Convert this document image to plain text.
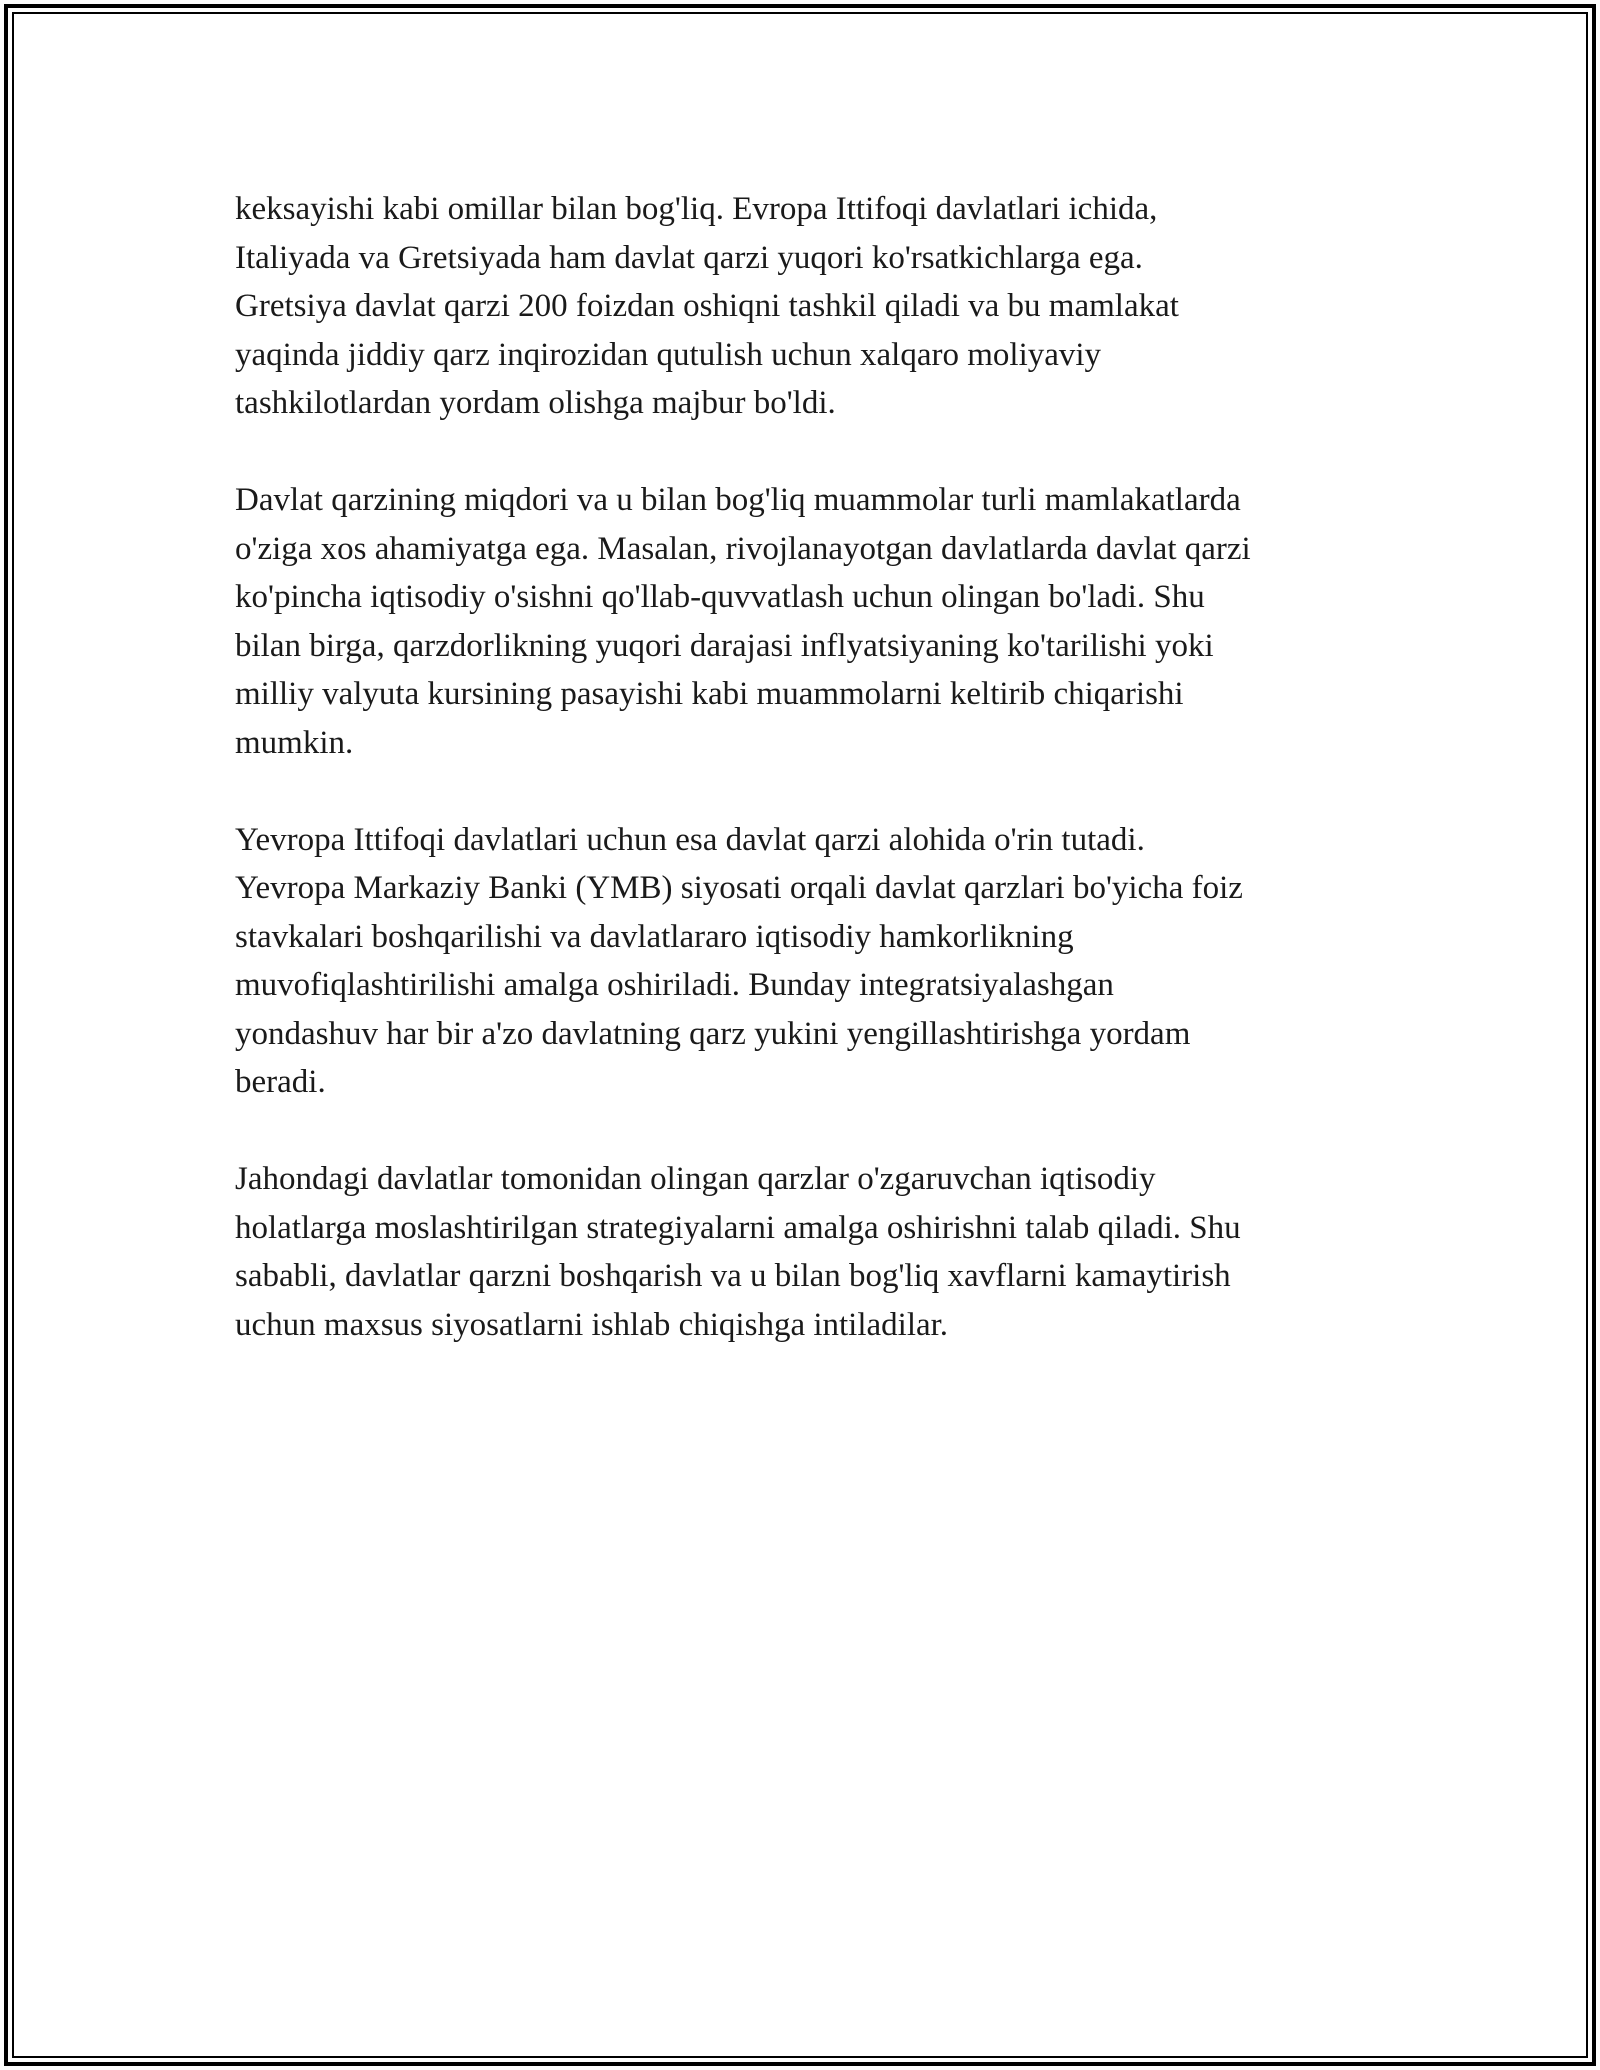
keksayishi kabi omillar bilan bog'liq. Evropa Ittifoqi davlatlari ichida,
Italiyada va Gretsiyada ham davlat qarzi yuqori ko'rsatkichlarga ega.
Gretsiya davlat qarzi 200 foizdan oshiqni tashkil qiladi va bu mamlakat
yaqinda jiddiy qarz inqirozidan qutulish uchun xalqaro moliyaviy
tashkilotlardan yordam olishga majbur bo'ldi.

Davlat qarzining miqdori va u bilan bog'liq muammolar turli mamlakatlarda
o'ziga xos ahamiyatga ega. Masalan, rivojlanayotgan davlatlarda davlat qarzi
ko'pincha iqtisodiy o'sishni qo'llab-quvvatlash uchun olingan bo'ladi. Shu
bilan birga, qarzdorlikning yuqori darajasi inflyatsiyaning ko'tarilishi yoki
milliy valyuta kursining pasayishi kabi muammolarni keltirib chiqarishi
mumkin.

Yevropa Ittifoqi davlatlari uchun esa davlat qarzi alohida o'rin tutadi.
Yevropa Markaziy Banki (YMB) siyosati orqali davlat qarzlari bo'yicha foiz
stavkalari boshqarilishi va davlatlararo iqtisodiy hamkorlikning
muvofiqlashtirilishi amalga oshiriladi. Bunday integratsiyalashgan
yondashuv har bir a'zo davlatning qarz yukini yengillashtirishga yordam
beradi.

Jahondagi davlatlar tomonidan olingan qarzlar o'zgaruvchan iqtisodiy
holatlarga moslashtirilgan strategiyalarni amalga oshirishni talab qiladi. Shu
sababli, davlatlar qarzni boshqarish va u bilan bog'liq xavflarni kamaytirish
uchun maxsus siyosatlarni ishlab chiqishga intiladilar.
